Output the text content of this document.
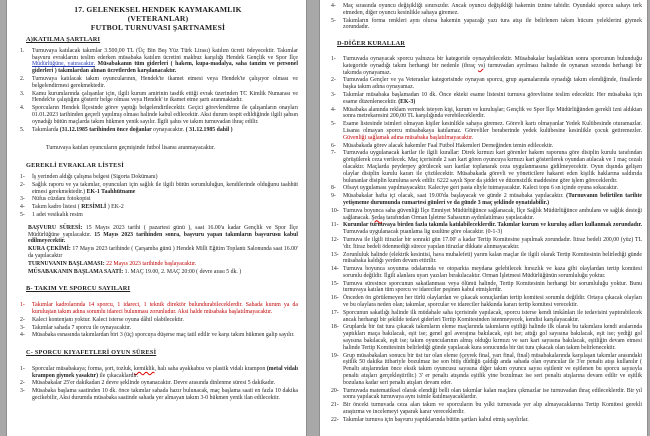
17. GELENEKSEL HENDEK KAYMAKAMLIK
(VETERANLAR)
FUTBOL TURNUVASI ŞARTNAMESİ
A)KATILMA ŞARTLARI
1.	Turnuvaya katılacak takımlar 3.500,00 TL (Üç Bin Beş Yüz Türk Lirası) katılım ücreti ödeyecektir. Takımlar başvuru evraklarını teslim ederken müsabaka katılım ücretini makbuz karşılığı Hendek Gençlik ve Spor İlçe Müdürlüğüne, yatıracaktır. Müsabakanın tüm giderleri ( hakem, kupa-madalya, saha tanzim ve personel giderleri ) takımlardan alınan ücretlerden karşılanacaktır.
2.	Turnuvaya katılacak takım oyuncularının, Hendek'te ikamet etmesi veya Hendek'te çalışıyor olması ve belgelendirmesi gerekmektedir.
3.	Kamu kurumlarında çalışanlar için, ilgili kurum amirinin tasdik ettiği evrak üzerinden TC Kimlik Numarası ve Hendek'te çalıştığını gösterir belge olması veya Hendek' te ikamet etme şartı aranmaktadır.
4.	Sporcuların Hendek İlçesinde görev yaptığı belgelendirilecektir. Geçici görevlendirme ile çalışanların onayları 01.01.2023 tarihinden geçerli yapılmış olması halinde kabul edilecektir. Aksi durum tespit edildiğinde ilgili şahsın oynadığı bütün maçlarda takım hükmen yenik sayılır. İlgili şahıs ve takım turnuvadan ihraç edilir.
5.	Takımlarda (31.12.1985 tarihinden önce doğanlar oynayacaktır. ( 31.12.1985 dahil )
Turnuvaya katılan oyuncuların geçmişinde futbol lisansı aranmayacaktır.
GEREKLİ EVRAKLAR LİSTESİ
1-	İş yerinden aldığı çalışma belgesi (Sigorta Dokümanı)
2-	Sağlık raporu ve ya takımlar, oyuncuları için sağlık ile ilgili bütün sorumluluğun, kendilerinde olduğunu taahhüt etmesi gerekmektedir.) EK-1 Taahhütname
3-	Nüfus cüzdanı fotokopisi
4-	Takım kadro listesi ( RESİMLİ ) EK-2
5-	1 adet vesikalık resim
BAŞVURU SÜRESİ: 15 Mayıs 2023 tarihi ( pazartesi günü ), saat 16.00'a kadar Gençlik ve Spor İlçe Müdürlüğüne yapılacaktır. 15 Mayıs 2023 tarihinden sonra, başvuru yapan takımların başvurusu kabul edilmeyecektir.
KURA ÇEKİMİ: 17 Mayıs 2023 tarihinde ( Çarşamba günü ) Hendek Milli Eğitim Toplantı Salonunda saat 16.00' da yapılacaktır
TURNUVANIN BAŞLAMASI: 22 Mayıs 2023 tarihinde başlayacaktır.
MÜSABAKANIN BAŞLAMA SAATİ: 1. MAÇ 19.00, 2. MAÇ 20:00 ( devre arası 5 dk. )
B- TAKIM VE SPORCU SAYILARI
1-	Takımlar kadrolarında 14 sporcu, 1 idareci, 1 teknik direktör bulundurabileceklerdir. Sahada kurum ya da kuruluştan takım adına sorumlu idareci bulunması zorunludur. Aksi halde müsabaka başlatılmayacaktır.
2-	Kaleci kontenjanı yoktur. Kaleci isterse oyuna dâhil olabilecektir.
3-	Takımlar sahada 7 sporcu ile oynayacaktır.
4-	Müsabaka esnasında takımlardan biri 3 (üç) sporcuya düşerse maç tatil edilir ve karşı takım hükmen galip sayılır.
C- SPORCU KIYAFETLERİ OYUN SÜRESİ
1-	Sporcular müsabakaya; forma, şort, tozluk, kemiklik, halı saha ayakkabısı ve plastik vidalı krampon (metal vidalı krampon giymek yasaktır) ile çıkacaklardır.
2-	Müsabakalar 25'er dakikadan 2 devre şeklinde oynanacaktır. Devre arasında dinlenme süresi 5 dakikadır.
3-	Müsabaka başlama saatinden 10 dk. önce takımlar sahada hazır bulunacak, maç başlama saati en fazla 10 dakika gecikebilir, Aksi durumda müsabaka saatinde sahada yer almayan takım 3-0 hükmen yenik ilan edilecektir.
4-	Maç sırasında oyuncu değişikliği sınırsızdır. Ancak oyuncu değişikliği hakemin iznine tabidir. Oyundaki sporcu sahayı terk etmeden, diğer oyuncu kesinlikle sahaya giremez.
5-	Takımların forma renkleri aynı olursa hakemin yapacağı yazı tura atışı ile belirlenen takım hücum yeleklerini giymek zorundadır.
D-DİĞER KURALLAR
1-	Turnuvada oynayacak sporcu yalnızca bir kategoride oynayabilecektir. Müsabakalar başladıktan sonra sporcunun bulunduğu kategoride oynadığı takım herhangi bir nedenle (ihraç vs) turnuvadan ayrılması halinde de oynanan sezonda herhangi bir takımda oynayamaz.
2-	Turnuvada Gençler ve ya Veteranlar kategorisinde oynayan sporcu, grup aşamalarında oynadığı takım elendiğinde, finallerde başka takım adına oynayamaz.
3-	Takımlar müsabaka başlamadan 10 dk. Önce ekteki esame listesini turnuva görevlisine teslim edecektir. Her müsabaka için esame düzenlenecektir. (EK-3)
4-	Müsabaka alanında reklam vermek isteyen kişi, kurum ve kuruluşlar; Gençlik ve Spor İlçe Müdürlüğünden gerekli izni aldıktan sonra metrekaresini 200,00 TL karşılığında verebileceklerdir.
5-	Esame listesinde isimleri olmayan kişiler kesinlikle sahaya giremez. Görevli kartı olmayanlar Yedek Kulübesinde oturamazlar. Lisansı olmayan sporcu müsabakaya katılamaz. Görevliler beraberinde yedek kulübesine kesinlikle çocuk getiremezler. Güvenliği sağlamak adına müsabaka başlatılmayacaktır.
6-	Müsabakada görev alacak hakemler Faal Futbol Hakemleri Derneğinden temin edilecektir.
7-	Turnuvada uygulanacak kartlar ile ilgili kurallar: Direk kırmızı kart görenler hakem raporuna göre disiplin kurulu tarafından görüşülerek ceza verilecek. Maç içerisinde 2 sarı kart gören oyuncuya kırmızı kart gösterilerek oyundan atılacak ve 1 maç cezalı olacaktır. Maçlarda peyderpey görülecek sarı kartlar toplanarak ceza uygulanmasına gidilmeyecektir. Oyun dışında gelişen olaylar disiplin kurulu kararı ile çözülecektir. Müsabakada görevli ve yöneticilere hakaret eden kişilik haklarına saldırıda bulunanlar disiplin kuruluna sevk edilir. 6222 sayılı Spor da şiddet ve düzensizlik maddesine göre işlem göreceklerdir.
8-	Ofsayt uygulaması yapılmayacaktır. Kaleciye geri pasta eliyle tutmayacaktır. Kaleci topu 6 sn içinde oyuna sokacaktır.
9-	Müsabakalar hafta içi olacak, saat 19.00'da başlayacak ve günde 2 müsabaka yapılacaktır. (Turnuvanın belirtilen tarihte yetişmeme durumunda cumartesi günleri ve da günde 3 maç şeklinde oynatılabilir.)
10- Turnuva boyunca saha güvenliği İlçe Emniyet Müdürlüğünce sağlanacak, İlçe Sağlık Müdürlüğünce ambulans ve sağlık desteği sağlanacak. Şedaş tarafından Orman İşletme Sahasının aydınlatılması yapılacaktır.
11- Kurumlar turnuvaya birden fazla takımla katılabileceklerdir. Takımlar kurum ve kuruluş adları kullanmak zorundadır. Turnuvada uygulanacak puanlama lig usulüne göre olacaktır. (0-1-3)
12- Turnuva ile ilgili itirazlar bir sonraki gün 17.00' a kadar Tertip Komitesine yapılmak zorundadır. İtiraz bedeli 200,00 (yüz) TL 'dir. İtiraz bedeli ödenmediği sürece yapılan itirazlar dikkate alınmayacaktır.
13- Zorunluluk halinde (elektrik kesintisi, hava muhalefeti) yarım kalan maçlar ile ilgili olarak Tertip Komitesinin belirlediği günde müsabaka kaldığı yerden devam ettirilir.
14- Turnuva boyunca soyunma odalarında ve otoparkta meydana gelebilecek hırsızlık ve kaza gibi olaylardan tertip komitesi sorumlu değildir. İlgili alanlara uyarı yazıları bırakılacaktır. Orman İşletmesi Müdürlüğünün sorumluluğu yoktur.
15- Turnuva süresince sporcunun sakatlanması veya ölümü halinde, Tertip Komitesinin herhangi bir sorumluluğu yoktur. Bunu turnuvaya katılan tüm sporcu ve idareciler peşinen kabul etmişlerdir.
16- Önceden ön görülemeyen her türlü olaylardan ve çıkacak sonuçlardan tertip komitesi sorumlu değildir. Ortaya çıkacak olayları ve bu olaylara neden olan; takımlar, sporcular ve idareciler hakkında kararı tertip komitesi verecektir.
17- Sporcunun sakatlığı halinde ilk müdahale saha içerisinde yapılacak, sporcu isterse kendi imkânları ile tedavisini yaptırabilecek ancak herhangi bir şekilde tedavi giderleri Tertip Komitesinden istenmeyecek, kendisi karşılayacaktır.
18- Gruplarda bir üst tura çıkacak takımların eleme maçlarında takımların eşitliği halinde ilk olarak bu takımlara kendi aralarında yaptıkları maça bakılacak, eşit ise; genel gol averajına bakılacak, eşit ise; attığı gol sayısına bakılacak, eşit ise; yediği gol sayısına bakılacak, eşit ise; takım oyuncularının almış olduğu kırmızı ve sarı kart sayısına bakılacak, eşitliğin devam etmesi halinde Tertip Komitesinin belirlediği günde yapılacak kura sonucunda bir üst tura çıkacak olan takım belirlenecektir.
19- Grup müsabakaları sonucu bir üst tur olan eleme (çeyrek final, yarı final, final) müsabakalarında karşılaşan takımlar arasındaki eşitlik 50 dakika itibariyle bozulmaz ise son bitiş düdüğü çaldığı anda sahada olan oyuncular ile 3'er penaltı atışı kullanılır ( Penaltı atışlarından önce eksik takım oyuncusu sayısına diğer takım oyuncu sayısı eşitlenir ve eşitlenen bu sporcu sayısıyla penaltı atışları gerçekleştirilir.) 3' er penaltı atışında eşitlik yine bozulmaz ise seri penaltı atışlarına devam edilir ve eşitlik bozulana kadar seri penaltı atışları devam eder.
20- Turnuvada matematiksel olarak elendiği belli olan takımlar kalan maçlara çıkmazlar ise turnuvadan ihraç edileceklerdir. Bir yıl sonra yapılacak turnuvaya aynı isimle katılmayacaklardır.
21- Bir önceki turnuvada ceza alan takım ve sporcuların bu yılki turnuvada yer alıp almayacaklarına Tertip Komitesi gerekli araştırma ve incelemeyi yaparak karar vereceklerdir.
22- Takımlar turnuva için başvuru yaptıklarında bütün şartları kabul etmiş sayılırlar.
